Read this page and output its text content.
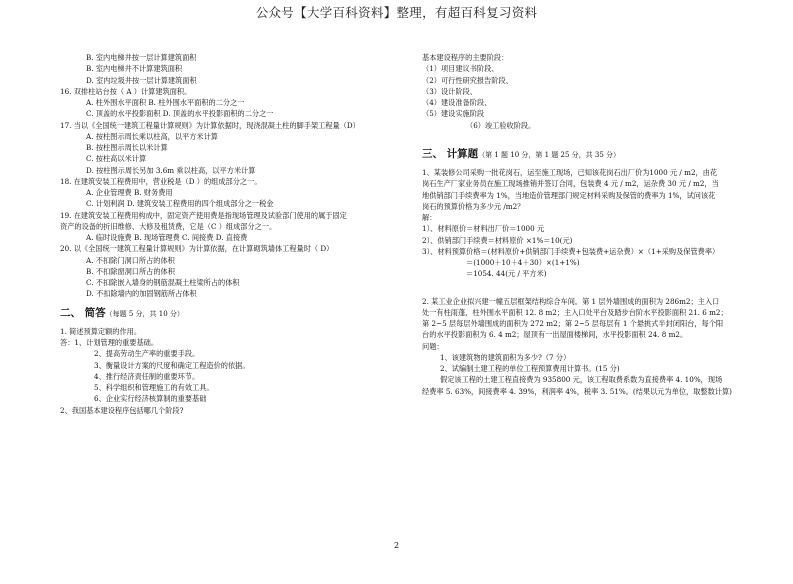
公众号【大学百科资料】整理，有超百科复习资料
B. 室内电梯井按一层计算建筑面积
B. 室内电梯井不计算建筑面积
D. 室内垃圾井按一层计算建筑面积
16. 双排柱站台按（ A ）计算建筑面积。
A. 柱外围水平面积 B. 柱外围水平面积的二分之一
C. 顶盖的水平投影面积 D. 顶盖的水平投影面积的二分之一
17. 当以《全国统一建筑工程量计算规则》为计算依据时，现浇混凝土柱的脚手架工程量（D）
A. 按柱图示周长乘以柱高，以平方米计算
B. 按柱图示周长以米计算
C. 按柱高以米计算
D. 按柱图示周长另加 3.6m 乘以柱高，以平方米计算
18. 在建筑安装工程费用中，营业税是（D ）的组成部分之一。
A. 企业管理费 B. 财务费用
C. 计划利润 D. 建筑安装工程费用的四个组成部分之一税金
19. 在建筑安装工程费用构成中，固定资产使用费是指现场管理及试验部门使用的属于固定
资产的设备的折旧维修、大修及租赁费，它是（C ）组成部分之一。
A. 临时设施费 B. 现场管理费 C. 间接费 D. 直接费
20. 以《全国统一建筑工程量计算规则》为计算依据，在计算砌筑墙体工程量时（ D）
A. 不扣除门洞口所占的体积
B. 不扣除窗洞口所占的体积
C. 不扣除嵌入墙身的钢筋混凝土柱梁所占的体积
D. 不扣除墙内的加固钢筋所占体积
二、 简答（每题 5 分，共 10 分）
1. 简述预算定额的作用。
答：1、计划管理的重要基础。
2、提高劳动生产率的重要手段。
3、衡量设计方案的尺度和确定工程造价的依据。
4、推行经济责任制的重要环节。
5、科学组织和管理施工的有效工具。
6、企业实行经济核算制的重要基础
2、我国基本建设程序包括哪几个阶段?
基本建设程序的主要阶段：
（1）项目建议书阶段、
（2）可行性研究报告阶段、
（3）设计阶段、
（4）建设准备阶段、
（5）建设实施阶段
（6）竣工验收阶段。
三、 计算题（第 1 题 10 分，第 1 题 25 分，共 35 分）
1、某装修公司采购一批花岗石，运至施工现场，已知该花岗石出厂价为1000 元 / m2，由花
岗石生产厂家业务员在施工现场推销并签订合同，包装费 4 元 / m2，运杂费 30 元 / m2，当
地供销部门手续费率为 1%，当地造价管理部门规定材料采购及保管的费率为 1%，试问该花
岗石的预算价格为多少元 /m2？
解：
1）、材料原价＝材料出厂价＝1000 元
2）、供销部门手续费＝材料原价 ×1%＝10(元)
3）、材料预算价格＝(材料原价+供销部门手续费+包装费+运杂费）×（1+采购及保管费率）
＝(1000＋10＋4＋30）×(1+1%)
＝1054. 44(元 / 平方米)
2. 某工业企业拟兴建一幢五层框架结构综合车间。第 1 层外墙围成的面积为 286m2；主入口
处一有柱雨蓬，柱外围水平面积 12. 8 m2；主入口处平台及踏步台阶水平投影面积 21. 6 m2；
第 2~5 层每层外墙围成的面积为 272 m2；第 2~5 层每层有 1 个悬挑式半封闭阳台，每个阳
台的水平投影面积为 6. 4 m2；屋顶有一出屋面楼梯间，水平投影面积 24. 8 m2。
问题：
1、该建筑物的建筑面积为多少?（7 分）
2、试编制土建工程的单位工程预算费用计算书。(15 分)
假定该工程的土建工程直接费为 935800 元，该工程取费系数为直接费率 4. 10%，现场
经费率 5. 63%，间接费率 4. 39%，利润率 4%，税率 3. 51%。(结果以元为单位，取整数计算)
2
